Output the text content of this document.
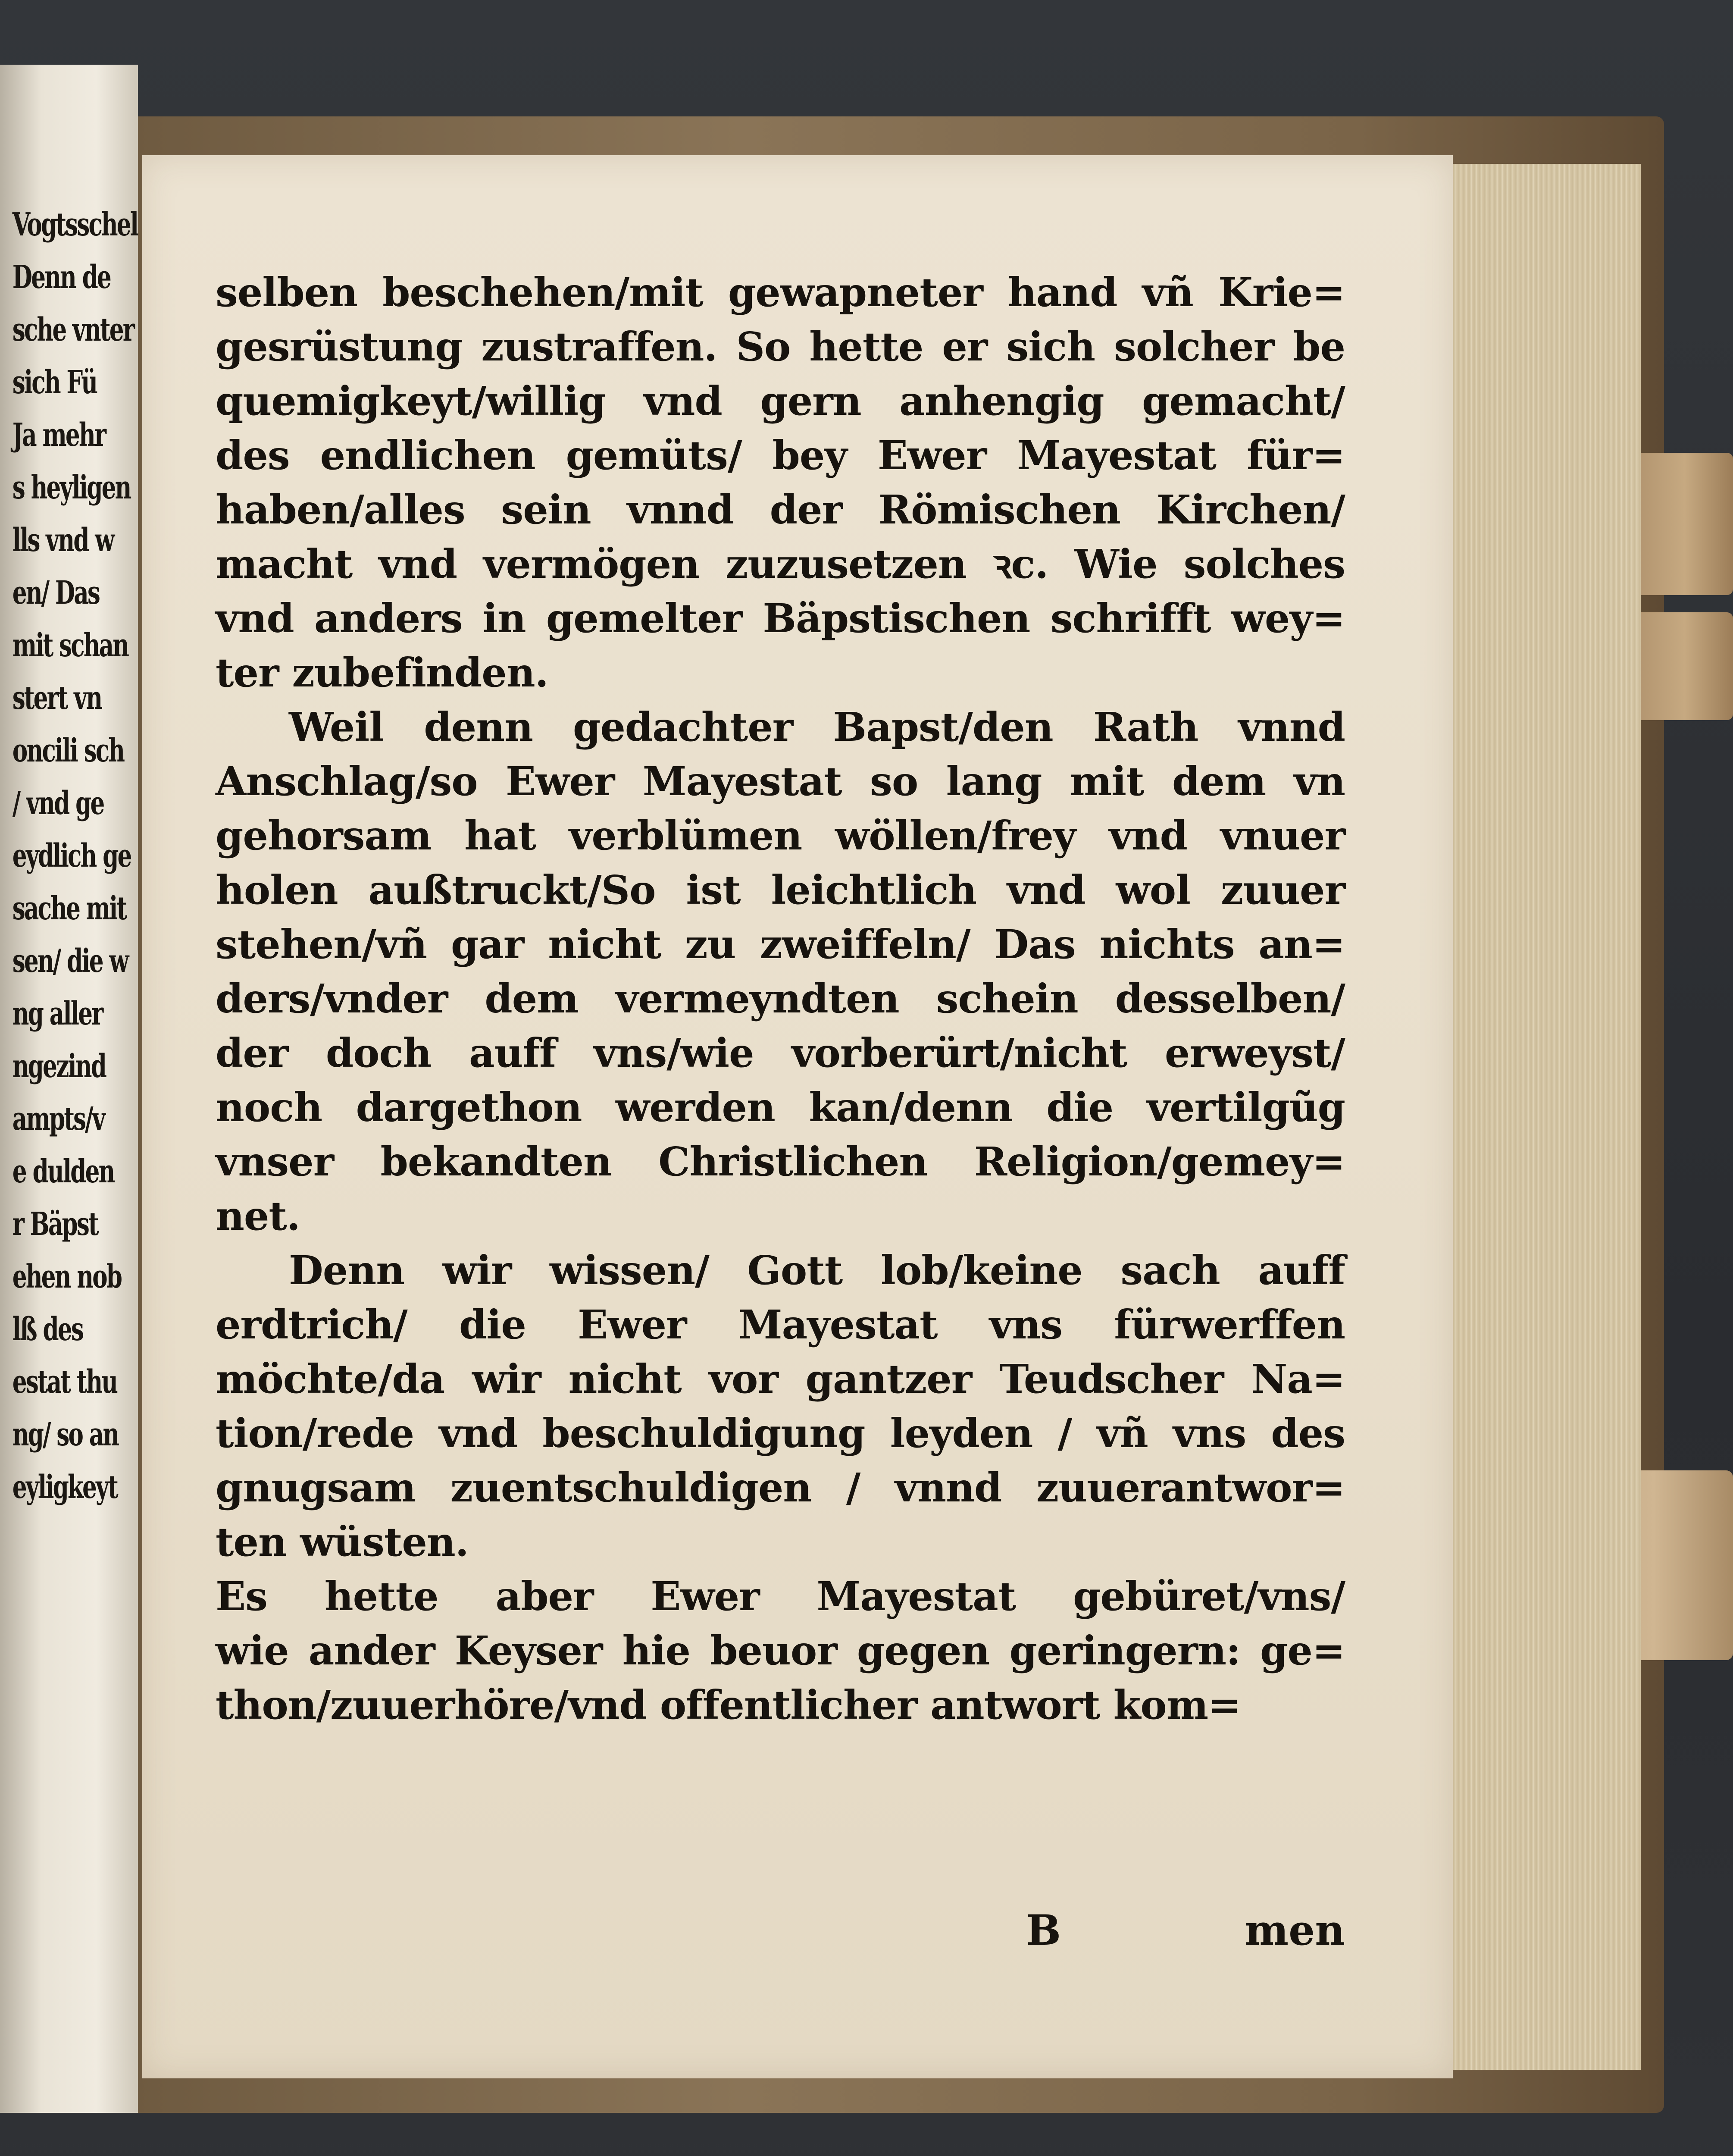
Vogtsschel
Denn de
sche vnter
sich Fü
Ja mehr
s heyligen
lls vnd w
en/ Das
mit schan
stert vn
oncili sch
/ vnd ge
eydlich ge
sache mit
sen/ die w
ng aller
ngezind
ampts/v
e dulden
r Bäpst
ehen nob
lß des
estat thu
ng/ so an
eyligkeyt
selben beschehen/mit gewapneter hand vñ Krie=
gesrüstung zustraffen. So hette er sich solcher be
quemigkeyt/willig vnd gern anhengig gemacht/
des endlichen gemüts/ bey Ewer Mayestat für=
haben/alles sein vnnd der Römischen Kirchen/
macht vnd vermögen zuzusetzen ꝛc. Wie solches
vnd anders in gemelter Bäpstischen schrifft wey=
ter zubefinden.
Weil denn gedachter Bapst/den Rath vnnd
Anschlag/so Ewer Mayestat so lang mit dem vn
gehorsam hat verblümen wöllen/frey vnd vnuer
holen außtruckt/So ist leichtlich vnd wol zuuer
stehen/vñ gar nicht zu zweiffeln/ Das nichts an=
ders/vnder dem vermeyndten schein desselben/
der doch auff vns/wie vorberürt/nicht erweyst/
noch dargethon werden kan/denn die vertilgũg
vnser bekandten Christlichen Religion/gemey=
net.
Denn wir wissen/ Gott lob/keine sach auff
erdtrich/ die Ewer Mayestat vns fürwerffen
möchte/da wir nicht vor gantzer Teudscher Na=
tion/rede vnd beschuldigung leyden / vñ vns des
gnugsam zuentschuldigen / vnnd zuuerantwor=
ten wüsten.
Es hette aber Ewer Mayestat gebüret/vns/
wie ander Keyser hie beuor gegen geringern: ge=
thon/zuuerhöre/vnd offentlicher antwort kom=
B	men
